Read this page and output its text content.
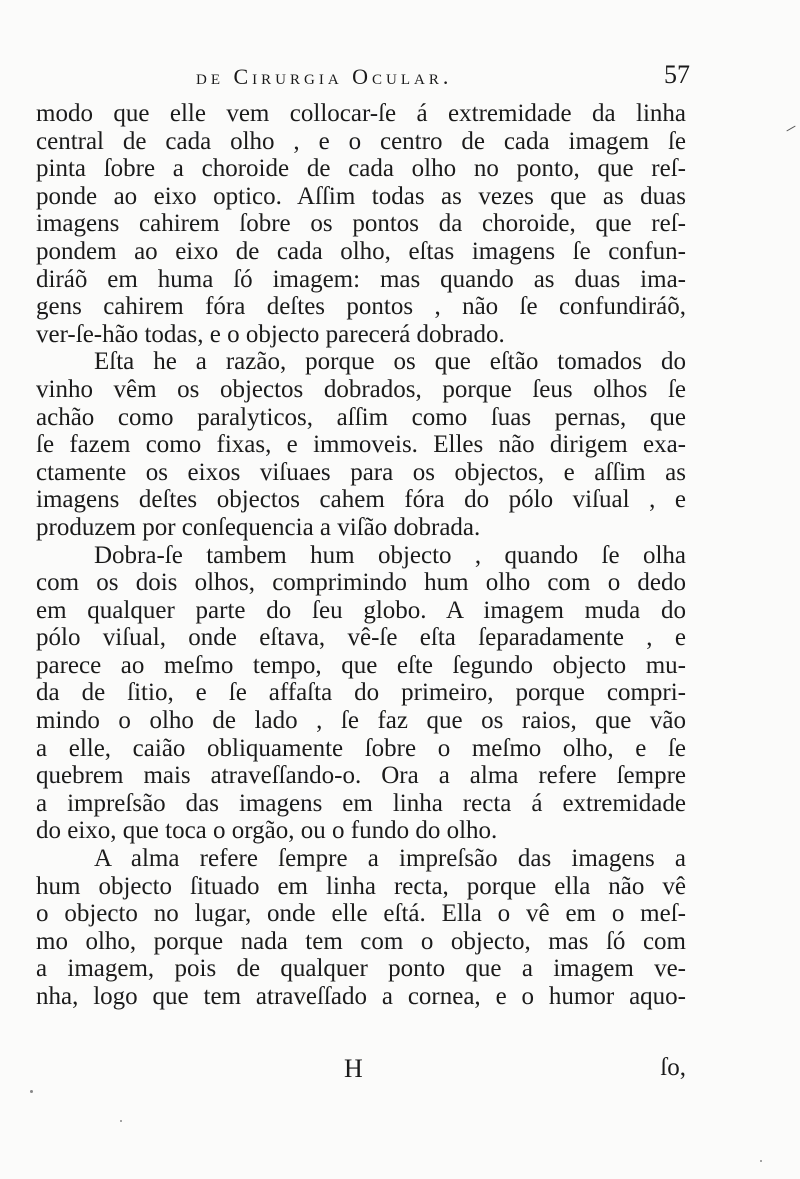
de Cirurgia Ocular.	57
modo que elle vem collocar-ſe á extremidade da linha
central de cada olho , e o centro de cada imagem ſe
pinta ſobre a choroide de cada olho no ponto, que reſ-
ponde ao eixo optico. Aſſim todas as vezes que as duas
imagens cahirem ſobre os pontos da choroide, que reſ-
pondem ao eixo de cada olho, eſtas imagens ſe confun-
diráõ em huma ſó imagem: mas quando as duas ima-
gens cahirem fóra deſtes pontos , não ſe confundiráõ,
ver-ſe-hão todas, e o objecto parecerá dobrado.
Eſta he a razão, porque os que eſtão tomados do
vinho vêm os objectos dobrados, porque ſeus olhos ſe
achão como paralyticos, aſſim como ſuas pernas, que
ſe fazem como fixas, e immoveis. Elles não dirigem exa-
ctamente os eixos viſuaes para os objectos, e aſſim as
imagens deſtes objectos cahem fóra do pólo viſual , e
produzem por conſequencia a viſão dobrada.
Dobra-ſe tambem hum objecto , quando ſe olha
com os dois olhos, comprimindo hum olho com o dedo
em qualquer parte do ſeu globo. A imagem muda do
pólo viſual, onde eſtava, vê-ſe eſta ſeparadamente , e
parece ao meſmo tempo, que eſte ſegundo objecto mu-
da de ſitio, e ſe affaſta do primeiro, porque compri-
mindo o olho de lado , ſe faz que os raios, que vão
a elle, caião obliquamente ſobre o meſmo olho, e ſe
quebrem mais atraveſſando-o. Ora a alma refere ſempre
a impreſsão das imagens em linha recta á extremidade
do eixo, que toca o orgão, ou o fundo do olho.
A alma refere ſempre a impreſsão das imagens a
hum objecto ſituado em linha recta, porque ella não vê
o objecto no lugar, onde elle eſtá. Ella o vê em o meſ-
mo olho, porque nada tem com o objecto, mas ſó com
a imagem, pois de qualquer ponto que a imagem ve-
nha, logo que tem atraveſſado a cornea, e o humor aquo-
H	ſo,
